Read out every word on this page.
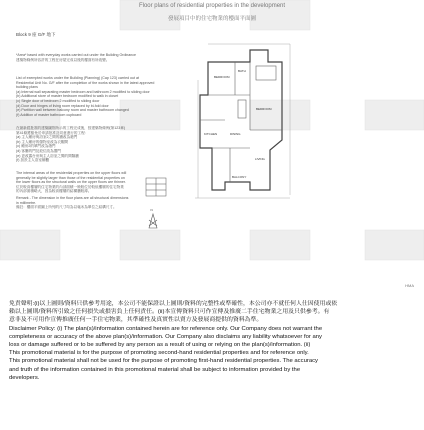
N
BEDROOM
BEDROOM
BATH
KITCHEN	DINING
LIVING
BALCONY
Floor plans of residential properties in the development
發展項目中的住宅物業的樓面平面圖
Block 9 座 G/F 地下
*Area* based with everyday works carried out under the Building Ordinance
建築物條例所容許的工程在房屋完成以後的樓面有所改變。
List of exempted works under the Building (Planning) (Cap 123) carried out at
Residential Unit No. G/F after the completion of the works shown in the latest approved
building plans
(a) Internal wall separating master bedroom and bathroom 2 modified to sliding door
(b) Additional store of master bedroom modified to walk in closet
(c) Single door of bedroom 2 modified to sliding door
(d) Door and hinges of living room replaced by bi-fold door
(e) Partition wall between balcony room and master bathroom changed
(f) Addition of master bathroom cupboard
在最新經批准的建築圖則所示的工程完成後，按建築物條例(第123章)
第41條獲豁免於申請批准及同意進行的工程：
(a) 主人睡房與浴室2之間的牆改為趟門
(b) 主人睡房的儲物室改為衣帽間
(c) 睡房2的單門改為趟門
(d) 客廳的門及鉸位改為摺門
(e) 更改露台房與主人浴室之間的間隔牆
(f) 加設主人浴室櫥櫃
The internal areas of the residential properties on the upper floors will
generally be slightly larger than those of the residential properties on
the lower floors as the structural walls on the upper floors are thinner.
位於較高樓層的住宅物業的內部面積一般較位於較低樓層的住宅物業
的內部面積略大，因為較高樓層的結構牆較薄。
Remark - The dimension in the floor plans are all structural dimensions
in millimetre.
備註：樓面平面圖上所列的尺寸均為以毫米為單位之結構尺寸。
HMA
免責聲明:(i)以上圖則/資料只供參考用途，本公司不能保證以上圖則/資料的完整性或準確性，本公司亦不就任何人仕因使用或依
賴以上圖則/資料所引致之任何損失或損害負上任何責任。(ii)本宣傳資料只可作宣傳及推廣二手住宅物業之用及只供參考。有
意非及不可用作宣傳推廣任何一手住宅物業，其準確性及真實性以賣方及發展商提供的資料為準。
Disclaimer Policy: (i) The plan(s)/information contained herein are for reference only. Our Company does not warrant the
completeness or accuracy of the above plan(s)/information. Our Company also disclaims any liability whatsoever for any
loss or damage suffered or to be suffered by any person as a result of using or relying on the plan(s)/information. (ii)
This promotional material is for the purpose of promoting second-hand residential properties and for reference only.
This promotional material shall not be used for the purpose of promoting first-hand residential properties. The accuracy
and truth of the information contained in this promotional material shall be subject to information provided by the
developers.
